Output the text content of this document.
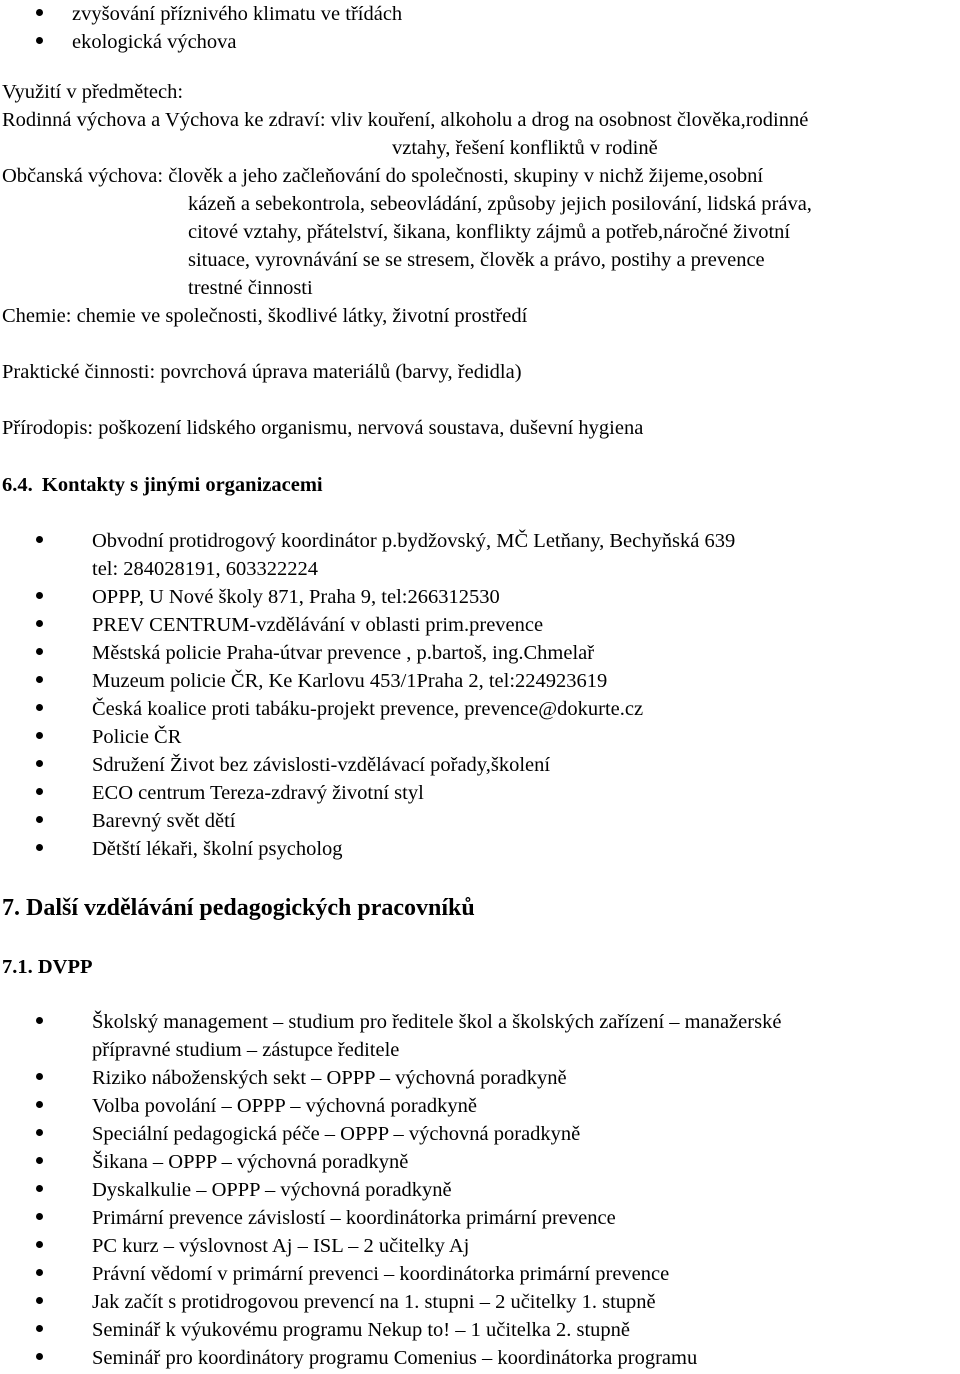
zvyšování příznivého klimatu ve třídách
ekologická výchova
Využití v předmětech:
Rodinná výchova a Výchova ke zdraví: vliv kouření, alkoholu a drog na osobnost člověka,rodinné
vztahy, řešení konfliktů v rodině
Občanská výchova: člověk a jeho začleňování do společnosti, skupiny v nichž žijeme,osobní
kázeň a sebekontrola, sebeovládání, způsoby jejich posilování, lidská práva,
citové vztahy, přátelství, šikana, konflikty zájmů a potřeb,náročné životní
situace, vyrovnávání se se stresem, člověk a právo, postihy a prevence
trestné činnosti
Chemie: chemie ve společnosti, škodlivé látky, životní prostředí
Praktické činnosti: povrchová úprava materiálů (barvy, ředidla)
Přírodopis: poškození lidského organismu, nervová soustava, duševní hygiena
6.4. Kontakty s jinými organizacemi
Obvodní protidrogový koordinátor p.bydžovský, MČ Letňany, Bechyňská 639
tel: 284028191, 603322224
OPPP, U Nové školy 871, Praha 9, tel:266312530
PREV CENTRUM-vzdělávání v oblasti prim.prevence
Městská policie Praha-útvar prevence , p.bartoš, ing.Chmelař
Muzeum policie ČR, Ke Karlovu 453/1Praha 2, tel:224923619
Česká koalice proti tabáku-projekt prevence, prevence@dokurte.cz
Policie ČR
Sdružení Život bez závislosti-vzdělávací pořady,školení
ECO centrum Tereza-zdravý životní styl
Barevný svět dětí
Dětští lékaři, školní psycholog
7. Další vzdělávání pedagogických pracovníků
7.1. DVPP
Školský management – studium pro ředitele škol a školských zařízení – manažerské
přípravné studium – zástupce ředitele
Riziko náboženských sekt – OPPP – výchovná poradkyně
Volba povolání – OPPP – výchovná poradkyně
Speciální pedagogická péče – OPPP – výchovná poradkyně
Šikana – OPPP – výchovná poradkyně
Dyskalkulie – OPPP – výchovná poradkyně
Primární prevence závislostí – koordinátorka primární prevence
PC kurz – výslovnost Aj – ISL – 2 učitelky Aj
Právní vědomí v primární prevenci – koordinátorka primární prevence
Jak začít s protidrogovou prevencí na 1. stupni – 2 učitelky 1. stupně
Seminář k výukovému programu Nekup to! – 1 učitelka 2. stupně
Seminář pro koordinátory programu Comenius – koordinátorka programu
